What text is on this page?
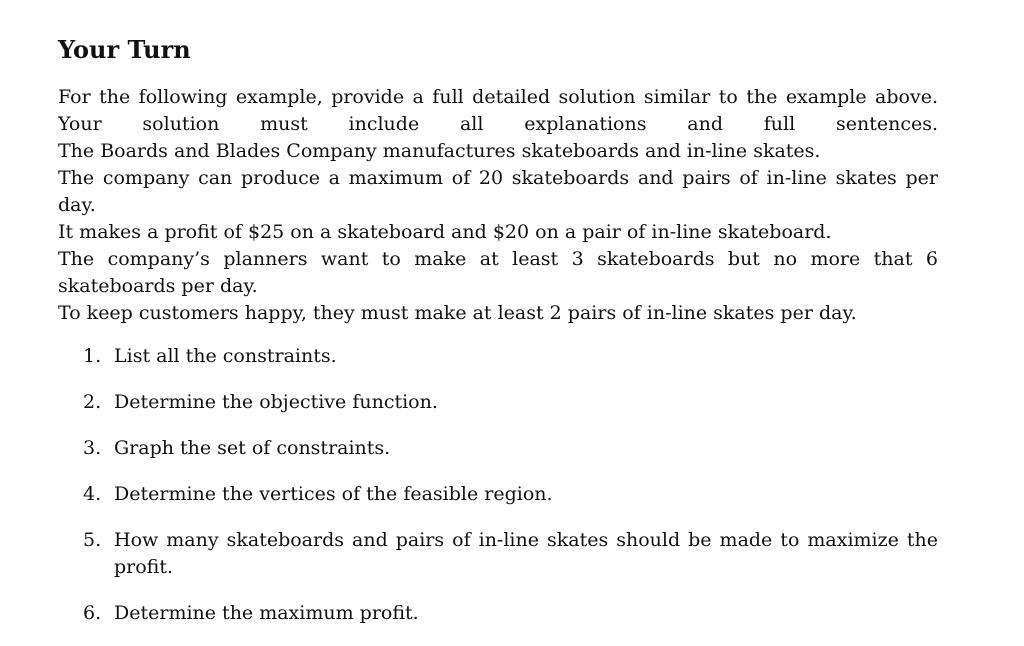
Your Turn

For the following example, provide a full detailed solution similar to the example above. Your solution must include all explanations and full sentences.

The Boards and Blades Company manufactures skateboards and in-line skates.

The company can produce a maximum of 20 skateboards and pairs of in-line skates per day.

It makes a profit of $25 on a skateboard and $20 on a pair of in-line skateboard.

The company’s planners want to make at least 3 skateboards but no more that 6 skateboards per day.

To keep customers happy, they must make at least 2 pairs of in-line skates per day.

1. List all the constraints.
2. Determine the objective function.
3. Graph the set of constraints.
4. Determine the vertices of the feasible region.
5. How many skateboards and pairs of in-line skates should be made to maximize the profit.
6. Determine the maximum profit.
